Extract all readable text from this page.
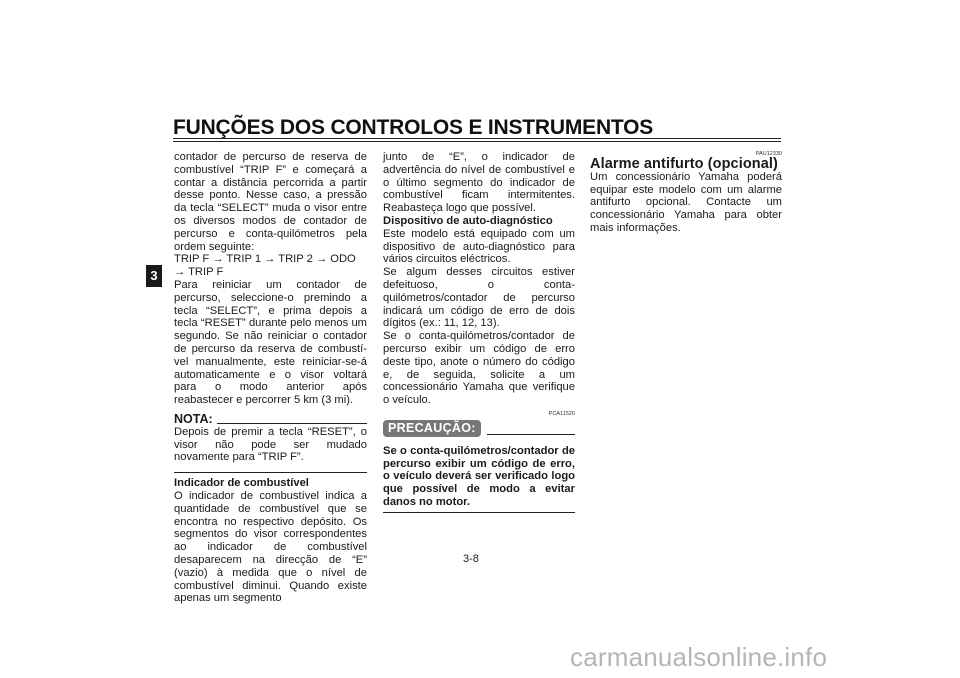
FUNÇÕES DOS CONTROLOS E INSTRUMENTOS
3

contador de percurso de reserva de combustível “TRIP F” e começará a contar a distância percorrida a partir desse ponto. Nesse caso, a pressão da tecla “SELECT” muda o visor entre os diversos modos de contador de percurso e conta-quilómetros pela ordem seguinte:

TRIP F → TRIP 1 → TRIP 2 → ODO → TRIP F

Para reiniciar um contador de percurso, seleccione-o premindo a tecla “SELECT”, e prima depois a tecla “RESET” durante pelo menos um segundo. Se não reiniciar o contador de percurso da reserva de combustível manualmente, este reiniciar-se-á automaticamente e o visor voltará para o modo anterior após reabastecer e percorrer 5 km (3 mi).

NOTA:

Depois de premir a tecla “RESET”, o visor não pode ser mudado novamente para “TRIP F”.

Indicador de combustível

O indicador de combustível indica a quantidade de combustível que se encontra no respectivo depósito. Os segmentos do visor correspondentes ao indicador de combustível desaparecem na direcção de “E” (vazio) à medida que o nível de combustível diminui. Quando existe apenas um segmento

junto de “E”, o indicador de advertência do nível de combustível e o último segmento do indicador de combustível ficam intermitentes. Reabasteça logo que possível.

Dispositivo de auto-diagnóstico

Este modelo está equipado com um dispositivo de auto-diagnóstico para vários circuitos eléctricos.

Se algum desses circuitos estiver defeituoso, o conta-quilómetros/contador de percurso indicará um código de erro de dois dígitos (ex.: 11, 12, 13).

Se o conta-quilómetros/contador de percurso exibir um código de erro deste tipo, anote o número do código e, de seguida, solicite a um concessionário Yamaha que verifique o veículo.

PCA11520
PRECAUÇÃO:

Se o conta-quilómetros/contador de percurso exibir um código de erro, o veículo deverá ser verificado logo que possível de modo a evitar danos no motor.

PAU12330

Alarme antifurto (opcional)

Um concessionário Yamaha poderá equipar este modelo com um alarme antifurto opcional. Contacte um concessionário Yamaha para obter mais informações.

3-8
carmanualsonline.info
